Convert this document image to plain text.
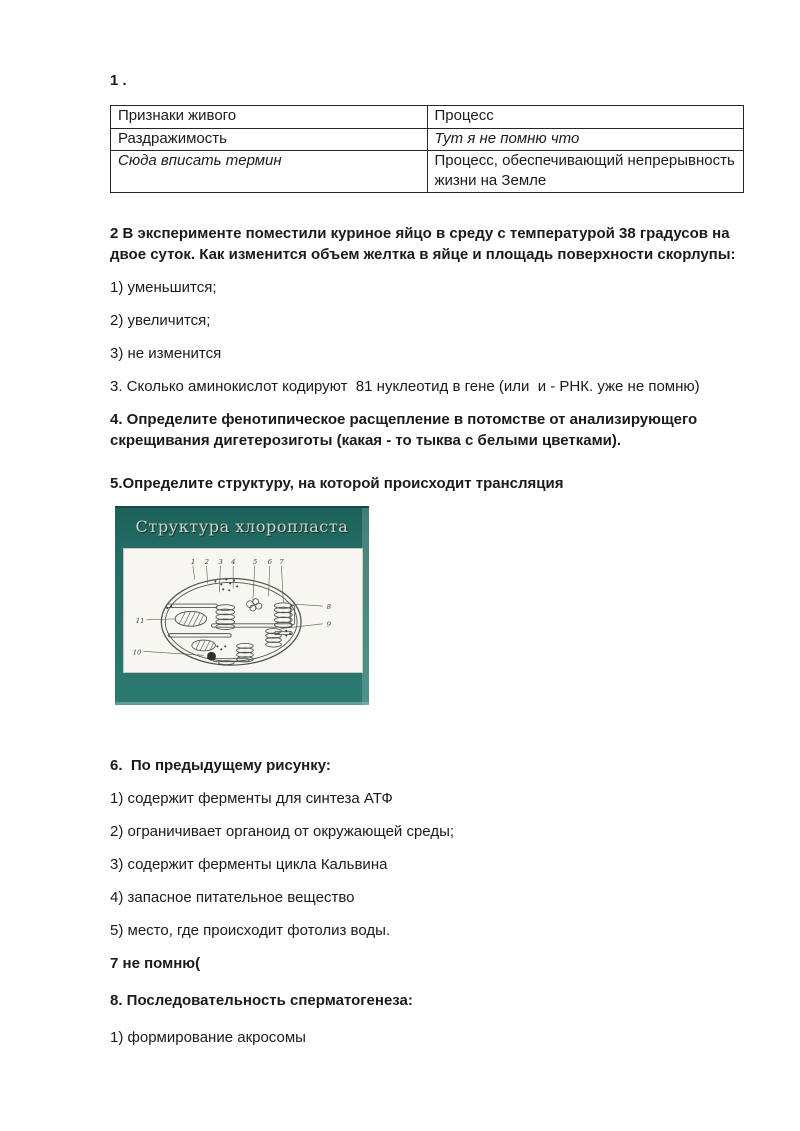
1 .

Признаки живого	Процесс
Раздражимость	Тут я не помню что
Сюда вписать термин	Процесс, обеспечивающий непрерывность жизни на Земле

2 В эксперименте поместили куриное яйцо в среду с температурой 38 градусов на двое суток. Как изменится объем желтка в яйце и площадь поверхности скорлупы:

1) уменьшится;

2) увеличится;

3) не изменится

3. Сколько аминокислот кодируют  81 нуклеотид в гене (или  и - РНК. уже не помню)

4. Определите фенотипическое расщепление в потомстве от анализирующего скрещивания дигетерозиготы (какая - то тыква с белыми цветками).

5.Определите структуру, на которой происходит трансляция

Структура хлоропласта
1 2 3 4 5 6 7
8
9
10
11

6.  По предыдущему рисунку:

1) содержит ферменты для синтеза АТФ

2) ограничивает органоид от окружающей среды;

3) содержит ферменты цикла Кальвина

4) запасное питательное вещество

5) место, где происходит фотолиз воды.

7 не помню(

8. Последовательность сперматогенеза:

1) формирование акросомы
